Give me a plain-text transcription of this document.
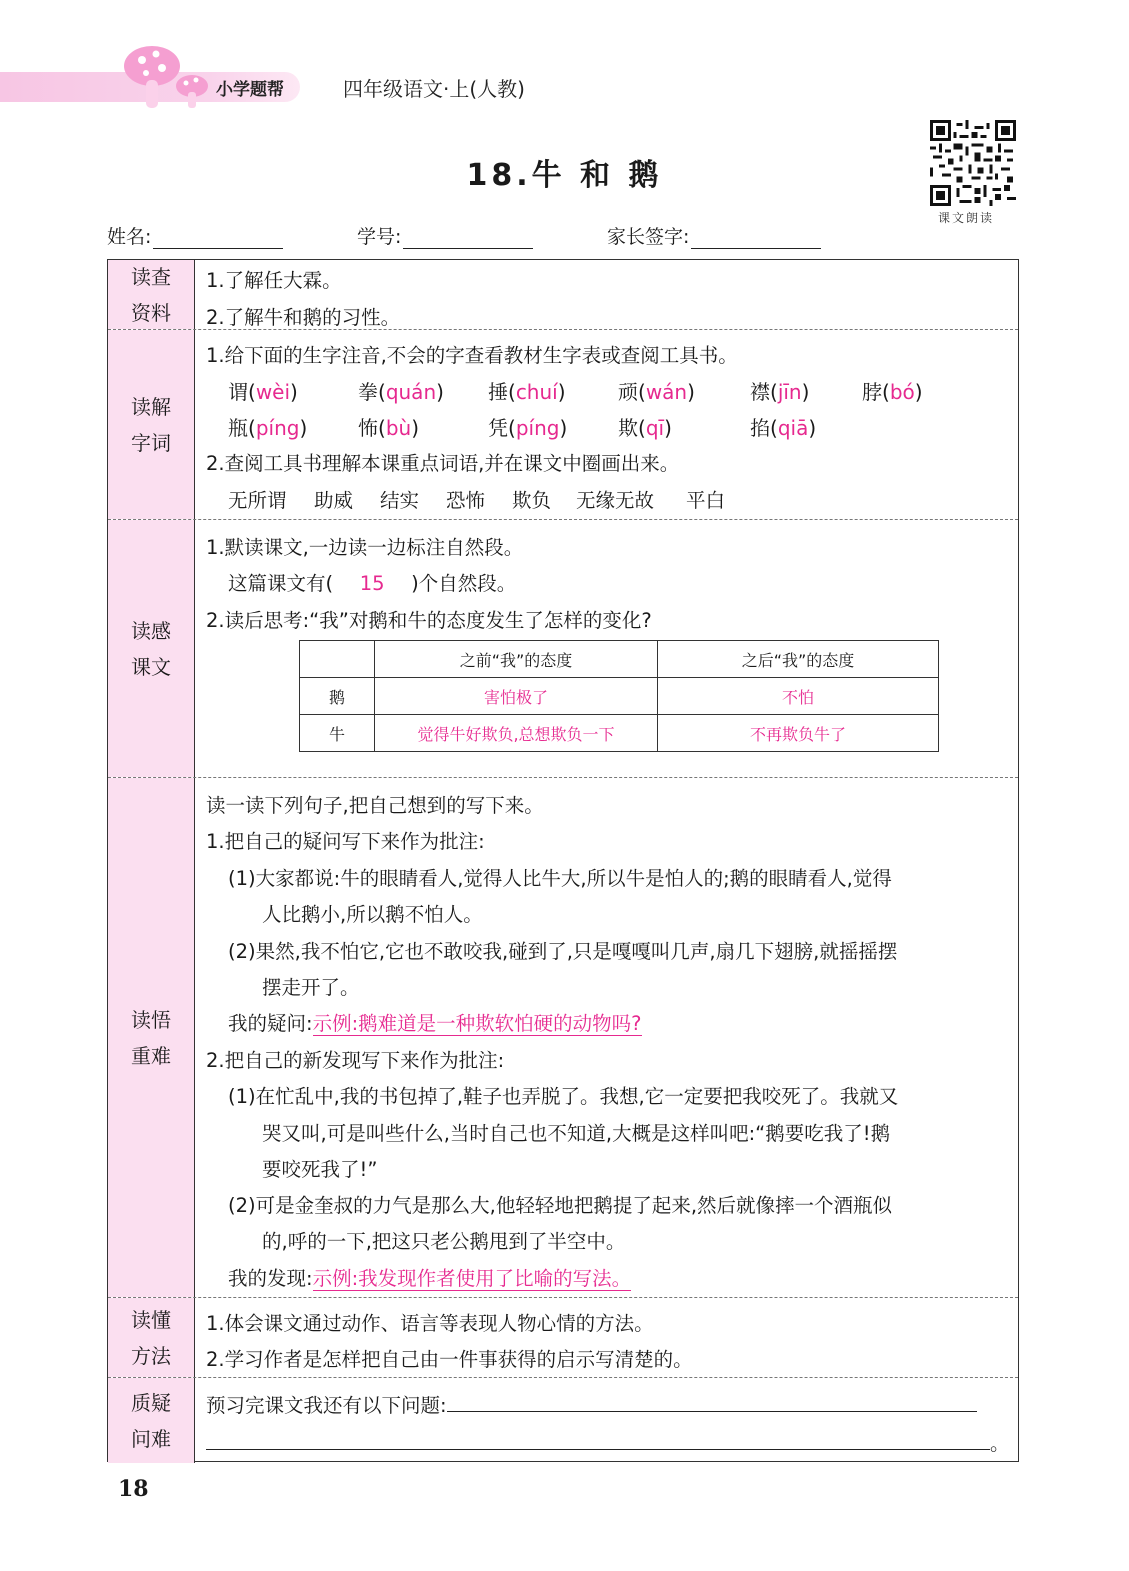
小学题帮	四年级语文·上(人教)
18.牛 和 鹅
课文朗读
姓名:	学号:	家长签字:
读查
资料
1.了解任大霖。
2.了解牛和鹅的习性。
读解
字词
1.给下面的生字注音,不会的字查看教材生字表或查阅工具书。
谓(wèi)	拳(quán) 捶(chuí)	顽(wán)	襟(jīn)	脖(bó)
瓶(píng)	怖(bù)	凭(píng)	欺(qī)	掐(qiā)
2.查阅工具书理解本课重点词语,并在课文中圈画出来。
无所谓 助威 结实 恐怖 欺负 无缘无故 平白
读感
课文
1.默读课文,一边读一边标注自然段。
这篇课文有( 15 )个自然段。
2.读后思考:“我”对鹅和牛的态度发生了怎样的变化?
读悟
重难
读一读下列句子,把自己想到的写下来。
1.把自己的疑问写下来作为批注:
(1)大家都说:牛的眼睛看人,觉得人比牛大,所以牛是怕人的;鹅的眼睛看人,觉得
人比鹅小,所以鹅不怕人。
(2)果然,我不怕它,它也不敢咬我,碰到了,只是嘎嘎叫几声,扇几下翅膀,就摇摇摆
摆走开了。
我的疑问:示例:鹅难道是一种欺软怕硬的动物吗?
2.把自己的新发现写下来作为批注:
(1)在忙乱中,我的书包掉了,鞋子也弄脱了。我想,它一定要把我咬死了。我就又
哭又叫,可是叫些什么,当时自己也不知道,大概是这样叫吧:“鹅要吃我了!鹅
要咬死我了!”
(2)可是金奎叔的力气是那么大,他轻轻地把鹅提了起来,然后就像摔一个酒瓶似
的,呼的一下,把这只老公鹅甩到了半空中。
我的发现:示例:我发现作者使用了比喻的写法。
读懂
方法
1.体会课文通过动作、语言等表现人物心情的方法。
2.学习作者是怎样把自己由一件事获得的启示写清楚的。
质疑
问难
预习完课文我还有以下问题:
。
	之前“我”的态度	之后“我”的态度
鹅	害怕极了	不怕
牛	觉得牛好欺负,总想欺负一下	不再欺负牛了
18
